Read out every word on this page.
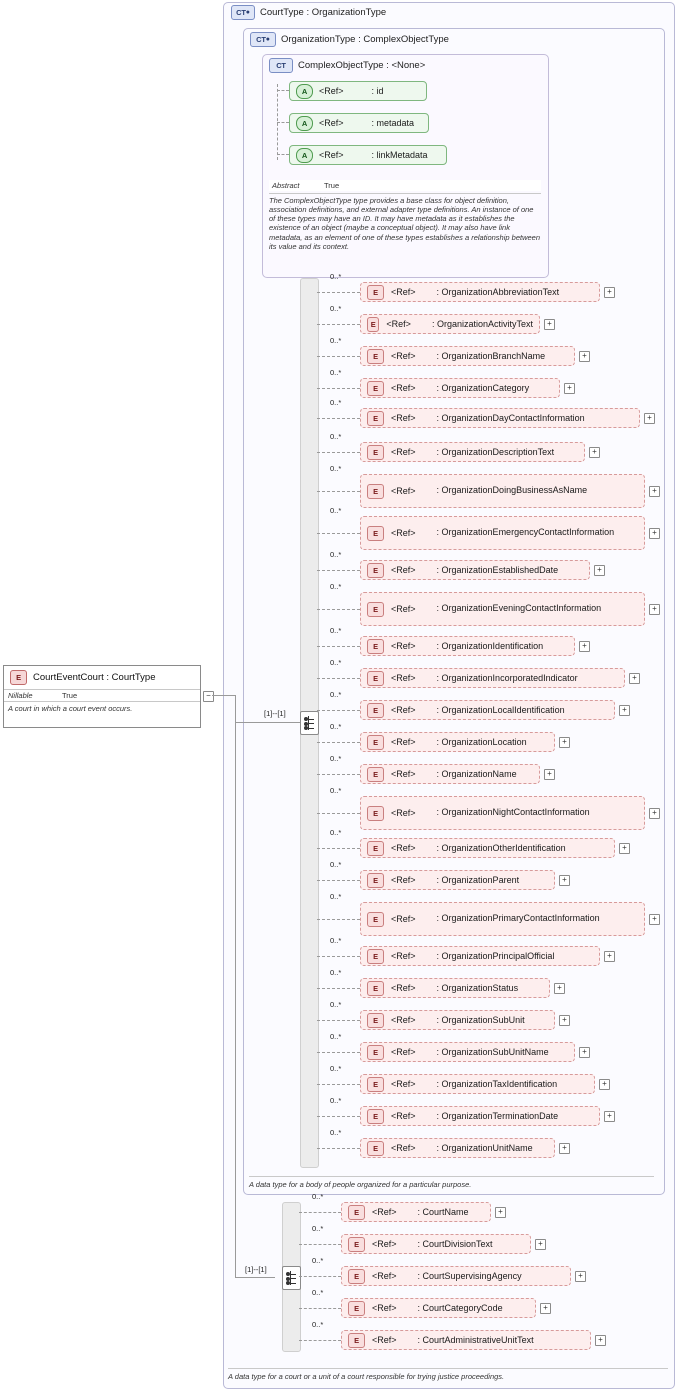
CT ● CourtType : OrganizationType
CT ● OrganizationType : ComplexObjectType
CT	ComplexObjectType : <None>
A	<Ref>	: id
A	<Ref>	: metadata
A	<Ref>	: linkMetadata
Abstract	True
The ComplexObjectType type provides a base class for object definition, association definitions, and external adapter type definitions. An instance of one of these types may have an ID. It may have metadata as it establishes the existence of an object (maybe a conceptual object). It may also have link metadata, as an element of one of these types establishes a relationship between its value and its context.
E	CourtEventCourt : CourtType
Nillable	True
A court in which a court event occurs.
−
[1]--[1]
0..*
E	<Ref> : OrganizationAbbreviationText	+
0..*
E	<Ref> : OrganizationActivityText	+
0..*
E	<Ref> : OrganizationBranchName	+
0..*
E	<Ref> : OrganizationCategory	+
0..*
E	<Ref> : OrganizationDayContactInformation	+
0..*
E	<Ref> : OrganizationDescriptionText	+
0..*
E	<Ref> : OrganizationDoingBusinessAsName	+
0..*
E	<Ref> : OrganizationEmergencyContactInformation	+
0..*
E	<Ref> : OrganizationEstablishedDate	+
0..*
E	<Ref> : OrganizationEveningContactInformation	+
0..*
E	<Ref> : OrganizationIdentification	+
0..*
E	<Ref> : OrganizationIncorporatedIndicator	+
0..*
E	<Ref> : OrganizationLocalIdentification	+
0..*
E	<Ref> : OrganizationLocation	+
0..*
E	<Ref> : OrganizationName	+
0..*
E	<Ref> : OrganizationNightContactInformation	+
0..*
E	<Ref> : OrganizationOtherIdentification	+
0..*
E	<Ref> : OrganizationParent	+
0..*
E	<Ref> : OrganizationPrimaryContactInformation	+
0..*
E	<Ref> : OrganizationPrincipalOfficial	+
0..*
E	<Ref> : OrganizationStatus	+
0..*
E	<Ref> : OrganizationSubUnit	+
0..*
E	<Ref> : OrganizationSubUnitName	+
0..*
E	<Ref> : OrganizationTaxIdentification	+
0..*
E	<Ref> : OrganizationTerminationDate	+
0..*
E	<Ref> : OrganizationUnitName	+
A data type for a body of people organized for a particular purpose.
[1]--[1]
0..*
E	<Ref> : CourtName	+
0..*
E	<Ref> : CourtDivisionText	+
0..*
E	<Ref> : CourtSupervisingAgency	+
0..*
E	<Ref> : CourtCategoryCode	+
0..*
E	<Ref> : CourtAdministrativeUnitText	+
A data type for a court or a unit of a court responsible for trying justice proceedings.
